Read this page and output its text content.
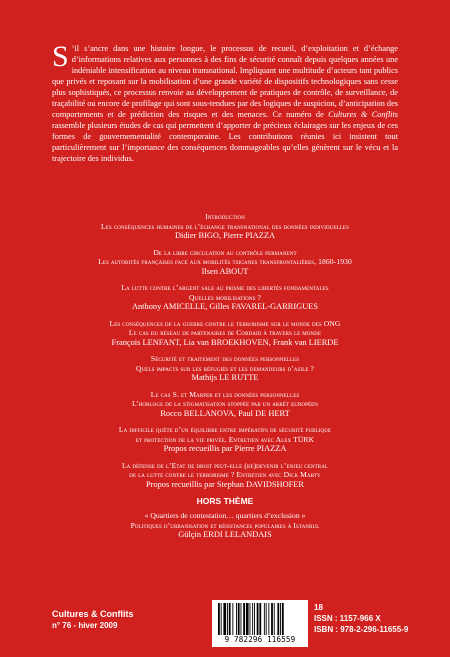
S ’il s’ancre dans une histoire longue, le processus de recueil, d’exploitation et d’échange d’informations relatives aux personnes à des fins de sécurité connaît depuis quelques années une indéniable intensification au niveau transnational. Impliquant une multitude d’acteurs tant publics que privés et reposant sur la mobilisation d’une grande variété de dispositifs technologiques sans cesse plus sophistiqués, ce processus renvoie au développement de pratiques de contrôle, de surveillance, de traçabilité ou encore de profilage qui sont sous-tendues par des logiques de suspicion, d’anticipation des comportements et de prédiction des risques et des menaces. Ce numéro de Cultures & Conflits rassemble plusieurs études de cas qui permettent d’apporter de précieux éclairages sur les enjeux de ces formes de gouvernementalité contemporaine. Les contributions réunies ici insistent tout particulièrement sur l’importance des conséquences dommageables qu’elles génèrent sur le vécu et la trajectoire des individus.
Introduction
Les conséquences humaines de l’échange transnational des données individuelles
Didier BIGO, Pierre PIAZZA
De la libre circulation au contrôle permanent
Les autorités françaises face aux mobilités tsiganes transfrontalières, 1860-1930
Ilsen ABOUT
La lutte contre l’argent sale au prisme des libertés fondamentales
Quelles mobilisations ?
Anthony AMICELLE, Gilles FAVAREL-GARRIGUES
Les conséquences de la guerre contre le terrorisme sur le monde des ONG
Le cas du réseau de partenaires de Cordaid à travers le monde
François LENFANT, Lia van BROEKHOVEN, Frank van LIERDE
Sécurité et traitement des données personnelles
Quels impacts sur les réfugiés et les demandeurs d’asile ?
Mathijs LE RUTTE
Le cas S. et Marper et les données personnelles
L’horloge de la stigmatisation stoppée par un arrêt européen
Rocco BELLANOVA, Paul DE HERT
La difficile quête d’un équilibre entre impératifs de sécurité publique
et protection de la vie privée. Entretien avec Alex TÜRK
Propos recueillis par Pierre PIAZZA
La défense de l’Etat de droit peut-elle (re)devenir l’enjeu central
de la lutte contre le terrorisme ? Entretien avec Dick Marty
Propos recueillis par Stephan DAVIDSHOFER
HORS THÈME
« Quartiers de contestation… quartiers d’exclusion »
Politiques d’urbanisation et résistances populaires à Istanbul
Gülçin ERDI LELANDAIS
Cultures & Conflits
n° 76 - hiver 2009
9 782296 116559
18
ISSN : 1157-966 X
ISBN : 978-2-296-11655-9
